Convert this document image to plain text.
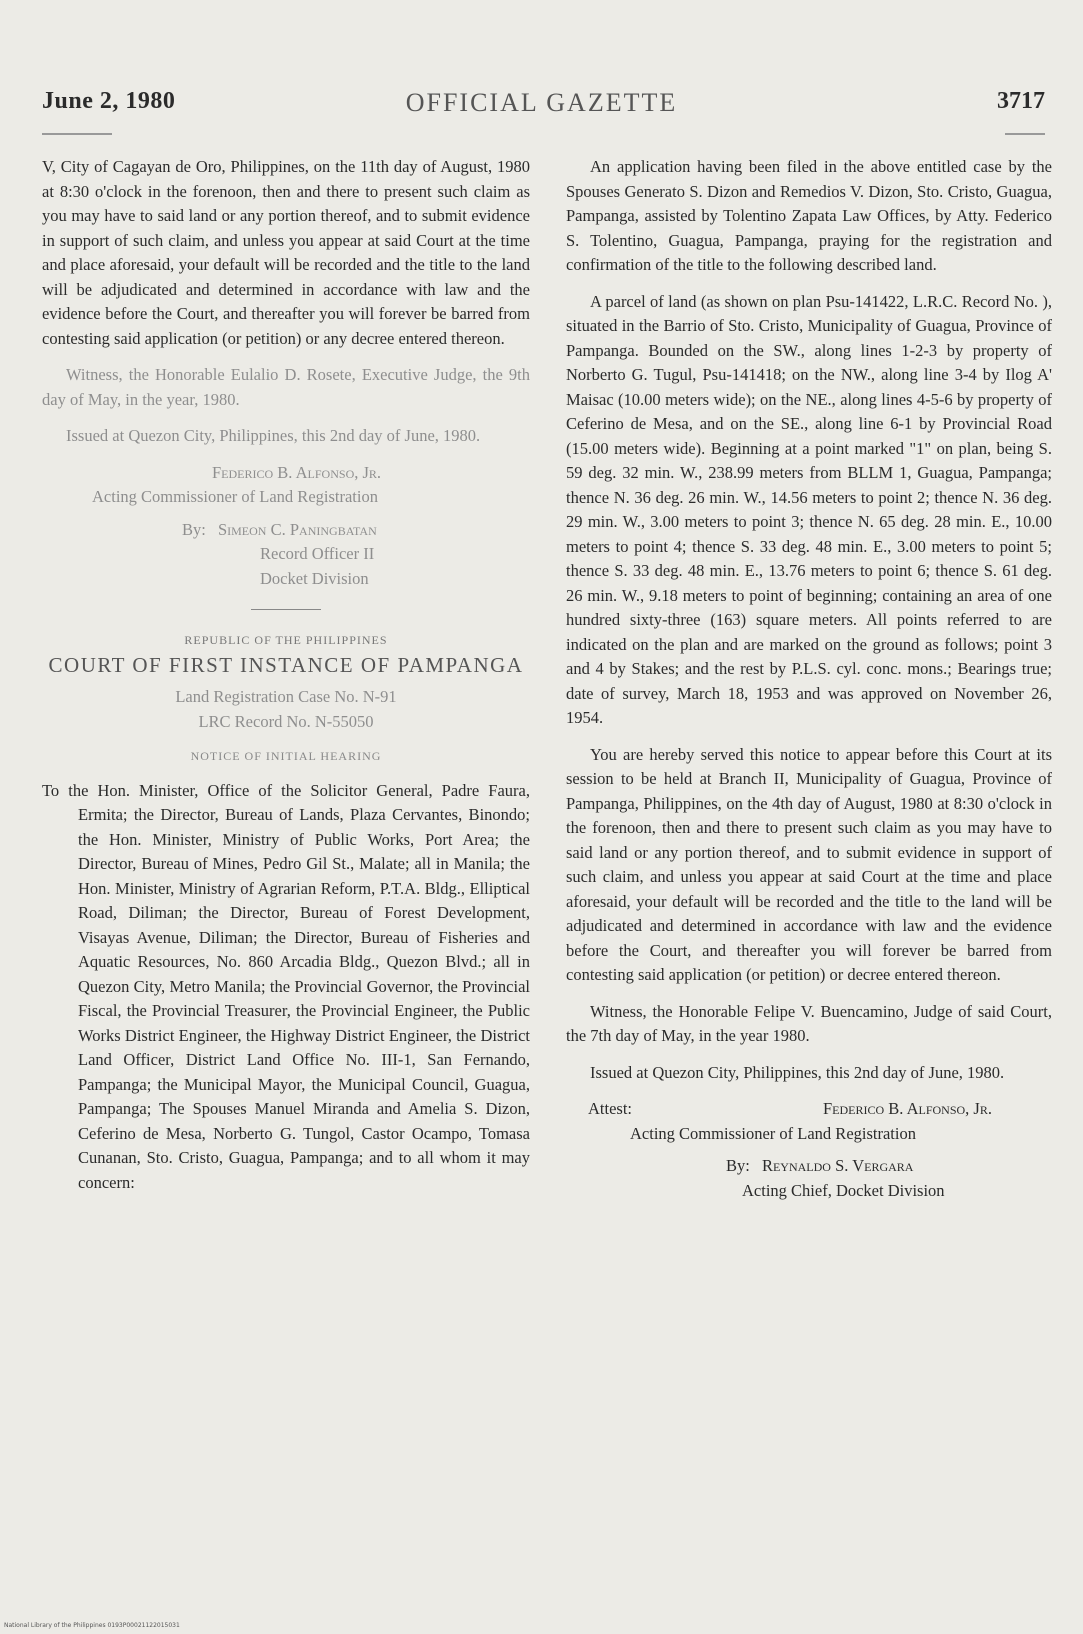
June 2, 1980	OFFICIAL GAZETTE	3717

V, City of Cagayan de Oro, Philippines, on the 11th day of August, 1980 at 8:30 o'clock in the forenoon, then and there to present such claim as you may have to said land or any portion thereof, and to submit evidence in support of such claim, and unless you appear at said Court at the time and place aforesaid, your default will be recorded and the title to the land will be adjudicated and determined in accordance with law and the evidence before the Court, and thereafter you will forever be barred from contesting said application (or petition) or any decree entered thereon.

Witness, the Honorable Eulalio D. Rosete, Executive Judge, the 9th day of May, in the year, 1980.

Issued at Quezon City, Philippines, this 2nd day of June, 1980.

Federico B. Alfonso, Jr.
Acting Commissioner of Land Registration
By: Simeon C. Paningbatan
Record Officer II
Docket Division
REPUBLIC OF THE PHILIPPINES
COURT OF FIRST INSTANCE OF PAMPANGA
Land Registration Case No. N-91
LRC Record No. N-55050
NOTICE OF INITIAL HEARING

To the Hon. Minister, Office of the Solicitor General, Padre Faura, Ermita; the Director, Bureau of Lands, Plaza Cervantes, Binondo; the Hon. Minister, Ministry of Public Works, Port Area; the Director, Bureau of Mines, Pedro Gil St., Malate; all in Manila; the Hon. Minister, Ministry of Agrarian Reform, P.T.A. Bldg., Elliptical Road, Diliman; the Director, Bureau of Forest Development, Visayas Avenue, Diliman; the Director, Bureau of Fisheries and Aquatic Resources, No. 860 Arcadia Bldg., Quezon Blvd.; all in Quezon City, Metro Manila; the Provincial Governor, the Provincial Fiscal, the Provincial Treasurer, the Provincial Engineer, the Public Works District Engineer, the Highway District Engineer, the District Land Officer, District Land Office No. III-1, San Fernando, Pampanga; the Municipal Mayor, the Municipal Council, Guagua, Pampanga; The Spouses Manuel Miranda and Amelia S. Dizon, Ceferino de Mesa, Norberto G. Tungol, Castor Ocampo, Tomasa Cunanan, Sto. Cristo, Guagua, Pampanga; and to all whom it may concern:

An application having been filed in the above entitled case by the Spouses Generato S. Dizon and Remedios V. Dizon, Sto. Cristo, Guagua, Pampanga, assisted by Tolentino Zapata Law Offices, by Atty. Federico S. Tolentino, Guagua, Pampanga, praying for the registration and confirmation of the title to the following described land.

A parcel of land (as shown on plan Psu-141422, L.R.C. Record No. ), situated in the Barrio of Sto. Cristo, Municipality of Guagua, Province of Pampanga. Bounded on the SW., along lines 1-2-3 by property of Norberto G. Tugul, Psu-141418; on the NW., along line 3-4 by Ilog A' Maisac (10.00 meters wide); on the NE., along lines 4-5-6 by property of Ceferino de Mesa, and on the SE., along line 6-1 by Provincial Road (15.00 meters wide). Beginning at a point marked "1" on plan, being S. 59 deg. 32 min. W., 238.99 meters from BLLM 1, Guagua, Pampanga; thence N. 36 deg. 26 min. W., 14.56 meters to point 2; thence N. 36 deg. 29 min. W., 3.00 meters to point 3; thence N. 65 deg. 28 min. E., 10.00 meters to point 4; thence S. 33 deg. 48 min. E., 3.00 meters to point 5; thence S. 33 deg. 48 min. E., 13.76 meters to point 6; thence S. 61 deg. 26 min. W., 9.18 meters to point of beginning; containing an area of one hundred sixty-three (163) square meters. All points referred to are indicated on the plan and are marked on the ground as follows; point 3 and 4 by Stakes; and the rest by P.L.S. cyl. conc. mons.; Bearings true; date of survey, March 18, 1953 and was approved on November 26, 1954.

You are hereby served this notice to appear before this Court at its session to be held at Branch II, Municipality of Guagua, Province of Pampanga, Philippines, on the 4th day of August, 1980 at 8:30 o'clock in the forenoon, then and there to present such claim as you may have to said land or any portion thereof, and to submit evidence in support of such claim, and unless you appear at said Court at the time and place aforesaid, your default will be recorded and the title to the land will be adjudicated and determined in accordance with law and the evidence before the Court, and thereafter you will forever be barred from contesting said application (or petition) or decree entered thereon.

Witness, the Honorable Felipe V. Buencamino, Judge of said Court, the 7th day of May, in the year 1980.

Issued at Quezon City, Philippines, this 2nd day of June, 1980.

Attest:	Federico B. Alfonso, Jr.
Acting Commissioner of Land Registration
By: Reynaldo S. Vergara
Acting Chief, Docket Division
National Library of the Philippines 0193P00021122015031
